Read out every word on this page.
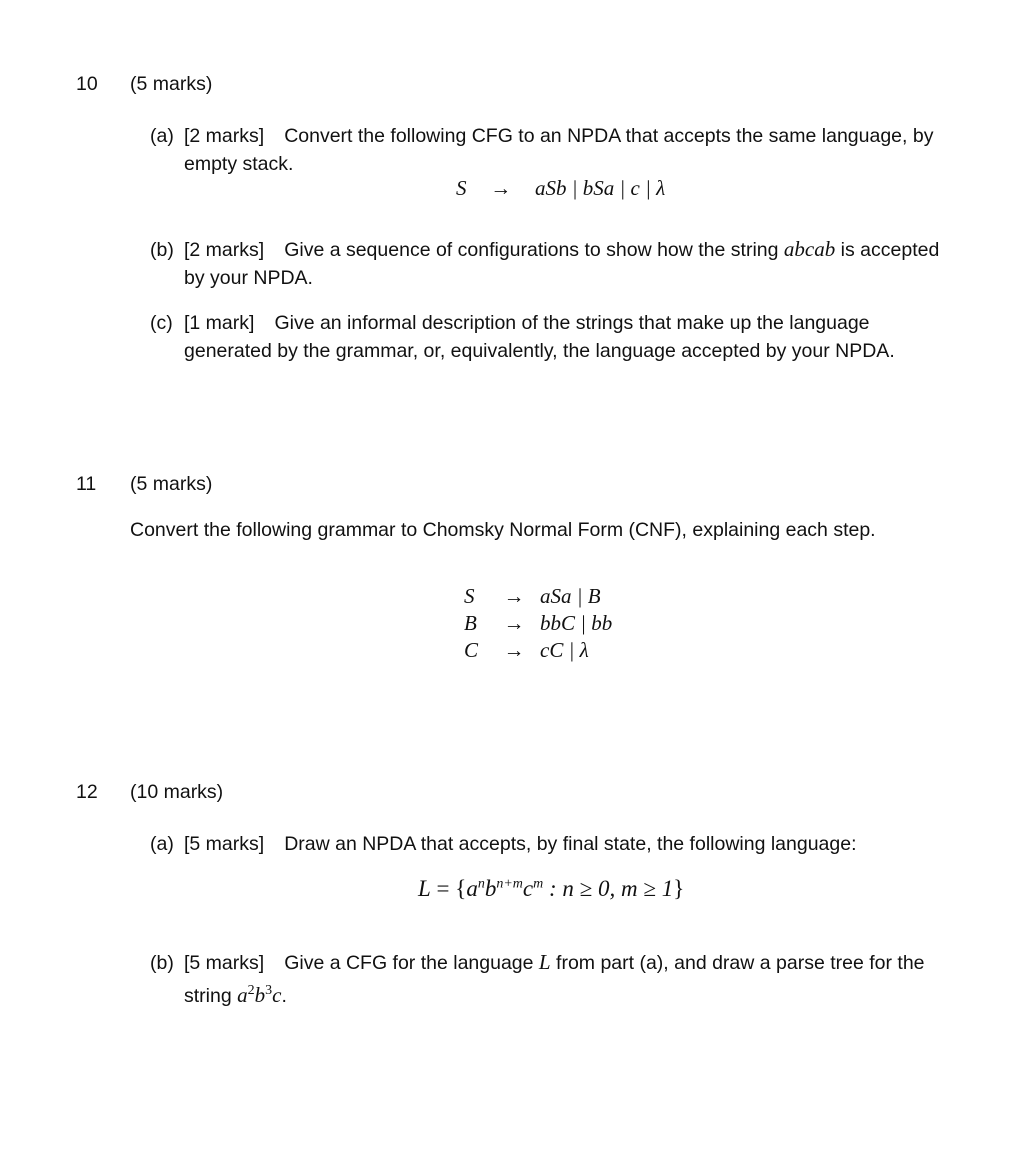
10 (5 marks)
(a) [2 marks] Convert the following CFG to an NPDA that accepts the same language, by
empty stack.
S → aSb | bSa | c | λ
(b) [2 marks] Give a sequence of configurations to show how the string abcab is accepted
by your NPDA.
(c) [1 mark] Give an informal description of the strings that make up the language
generated by the grammar, or, equivalently, the language accepted by your NPDA.
11 (5 marks)
Convert the following grammar to Chomsky Normal Form (CNF), explaining each step.
S	→ aSa | B
B	→ bbC | bb
C	→ cC | λ
12 (10 marks)
(a) [5 marks] Draw an NPDA that accepts, by final state, the following language:
$L = \{a^nb^{n+m}c^m$ : n ≥ 0, m ≥ 1}
(b) [5 marks] Give a CFG for the language L from part (a), and draw a parse tree for the
string $a^2b^3c$.
